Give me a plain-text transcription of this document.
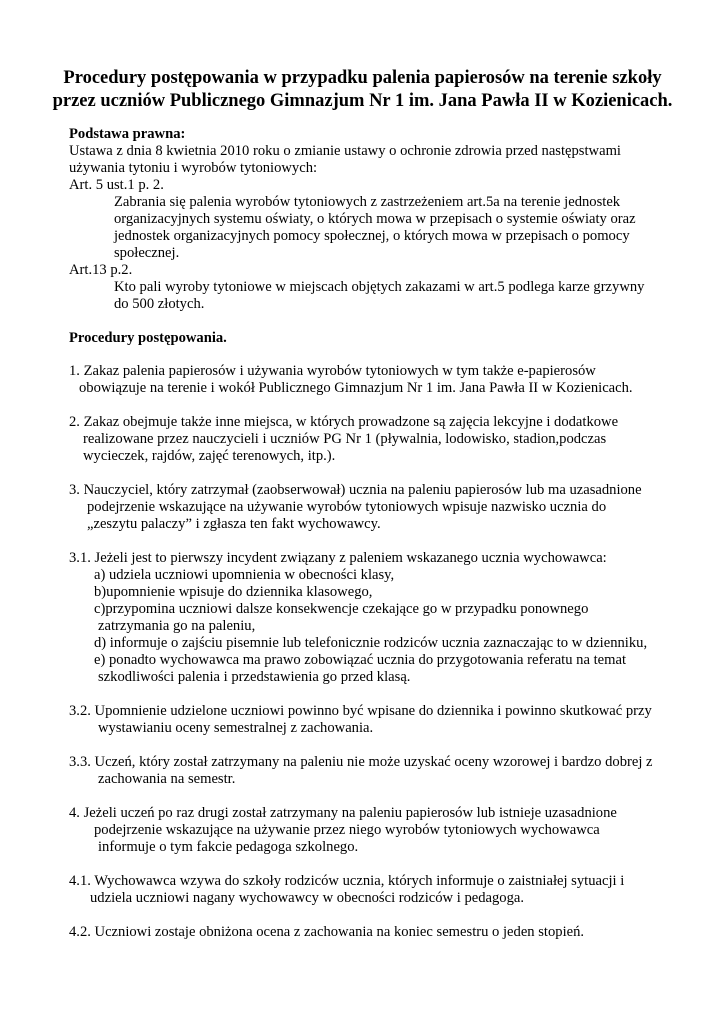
Procedury postępowania w przypadku palenia papierosów na terenie szkoły
przez uczniów Publicznego Gimnazjum Nr 1 im. Jana Pawła II w Kozienicach.
Podstawa prawna:
Ustawa z dnia 8 kwietnia 2010 roku o zmianie ustawy o ochronie zdrowia przed następstwami
używania tytoniu i wyrobów tytoniowych:
Art. 5 ust.1 p. 2.
Zabrania się palenia wyrobów tytoniowych z zastrzeżeniem art.5a na terenie jednostek
organizacyjnych systemu oświaty, o których mowa w przepisach o systemie oświaty oraz
jednostek organizacyjnych pomocy społecznej, o których mowa w przepisach o pomocy
społecznej.
Art.13 p.2.
Kto pali wyroby tytoniowe w miejscach objętych zakazami w art.5 podlega karze grzywny
do 500 złotych.
Procedury postępowania.
1. Zakaz palenia papierosów i używania wyrobów tytoniowych w tym także e-papierosów
obowiązuje na terenie i wokół Publicznego Gimnazjum Nr 1 im. Jana Pawła II w Kozienicach.
2. Zakaz obejmuje także inne miejsca, w których prowadzone są zajęcia lekcyjne i dodatkowe
realizowane przez nauczycieli i uczniów PG Nr 1 (pływalnia, lodowisko, stadion,podczas
wycieczek, rajdów, zajęć terenowych, itp.).
3. Nauczyciel, który zatrzymał (zaobserwował) ucznia na paleniu papierosów lub ma uzasadnione
podejrzenie wskazujące na używanie wyrobów tytoniowych wpisuje nazwisko ucznia do
„zeszytu palaczy” i zgłasza ten fakt wychowawcy.
3.1. Jeżeli jest to pierwszy incydent związany z paleniem wskazanego ucznia wychowawca:
a) udziela uczniowi upomnienia w obecności klasy,
b)upomnienie wpisuje do dziennika klasowego,
c)przypomina uczniowi dalsze konsekwencje czekające go w przypadku ponownego
zatrzymania go na paleniu,
d) informuje o zajściu pisemnie lub telefonicznie rodziców ucznia zaznaczając to w dzienniku,
e) ponadto wychowawca ma prawo zobowiązać ucznia do przygotowania referatu na temat
szkodliwości palenia i przedstawienia go przed klasą.
3.2. Upomnienie udzielone uczniowi powinno być wpisane do dziennika i powinno skutkować przy
wystawianiu oceny semestralnej z zachowania.
3.3. Uczeń, który został zatrzymany na paleniu nie może uzyskać oceny wzorowej i bardzo dobrej z
zachowania na semestr.
4. Jeżeli uczeń po raz drugi został zatrzymany na paleniu papierosów lub istnieje uzasadnione
podejrzenie wskazujące na używanie przez niego wyrobów tytoniowych wychowawca
informuje o tym fakcie pedagoga szkolnego.
4.1. Wychowawca wzywa do szkoły rodziców ucznia, których informuje o zaistniałej sytuacji i
udziela uczniowi nagany wychowawcy w obecności rodziców i pedagoga.
4.2. Uczniowi zostaje obniżona ocena z zachowania na koniec semestru o jeden stopień.
